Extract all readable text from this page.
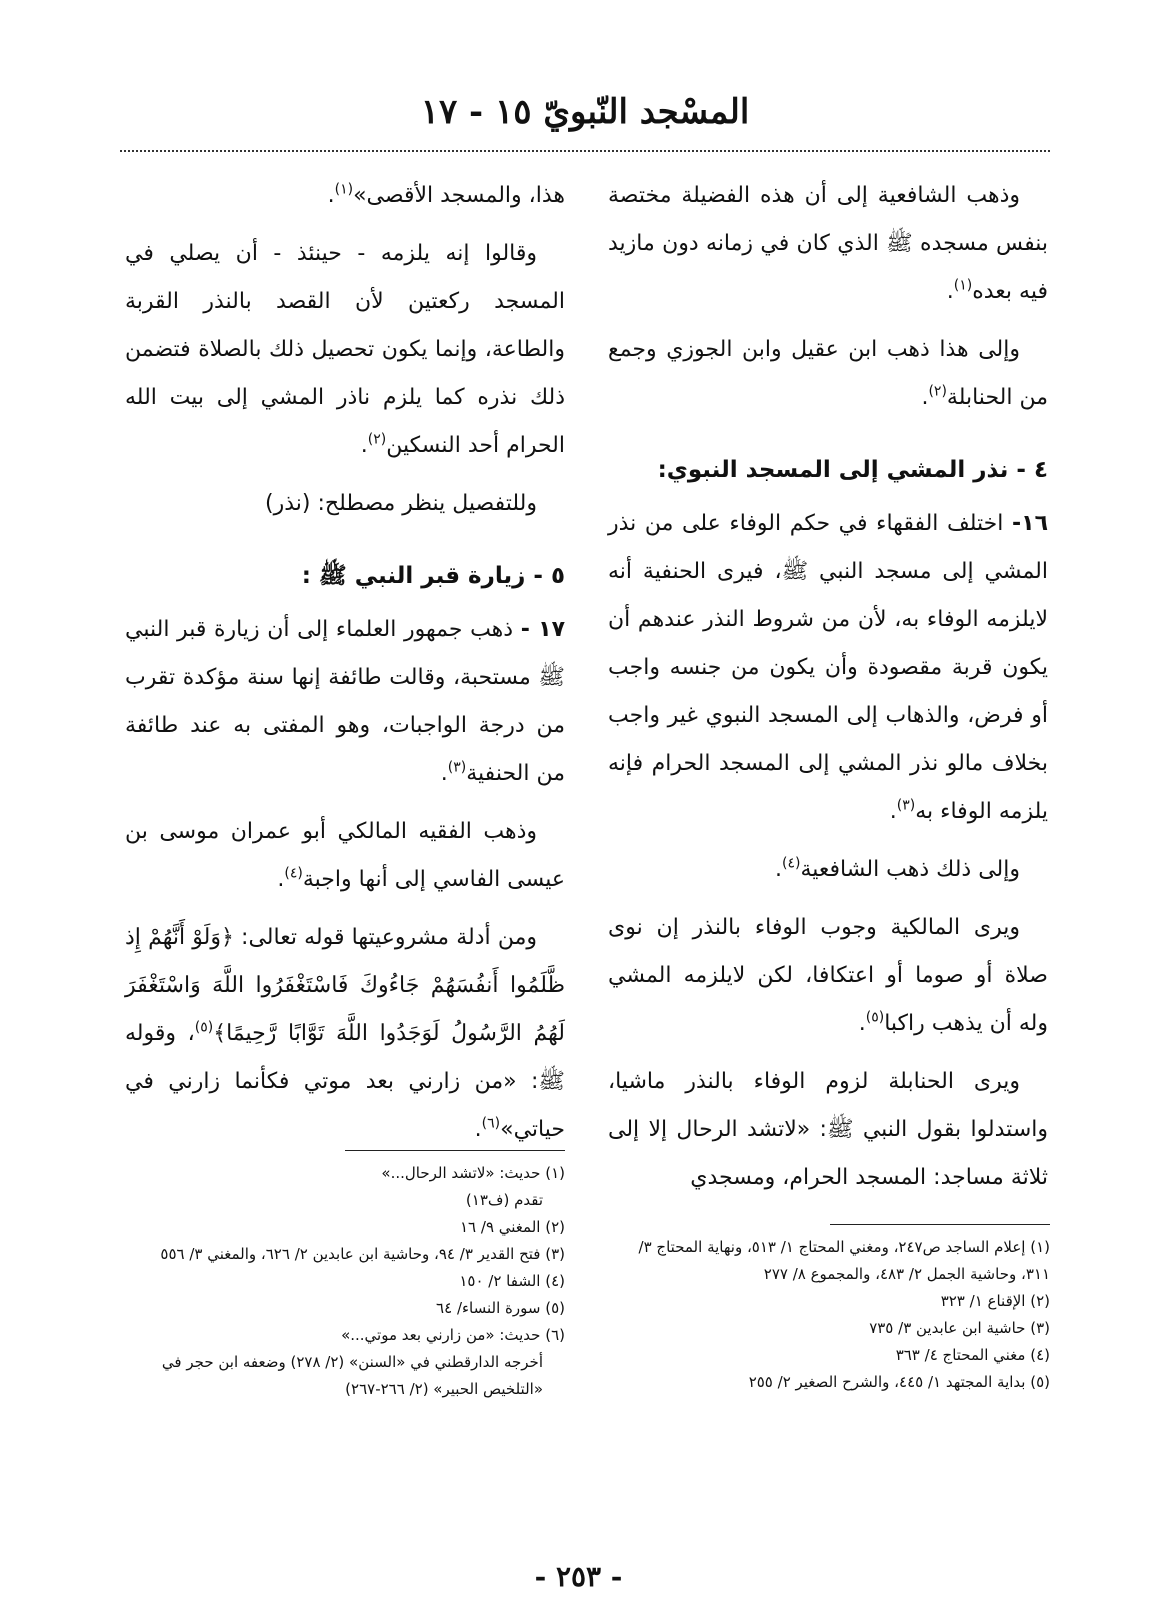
المسْجد النّبويّ ١٥ - ١٧

وذهب الشافعية إلى أن هذه الفضيلة مختصة بنفس مسجده ﷺ الذي كان في زمانه دون مازيد فيه بعده$^{(١)}$.

وإلى هذا ذهب ابن عقيل وابن الجوزي وجمع من الحنابلة$^{(٢)}$.

٤ - نذر المشي إلى المسجد النبوي:

١٦- اختلف الفقهاء في حكم الوفاء على من نذر المشي إلى مسجد النبي ﷺ، فيرى الحنفية أنه لايلزمه الوفاء به، لأن من شروط النذر عندهم أن يكون قربة مقصودة وأن يكون من جنسه واجب أو فرض، والذهاب إلى المسجد النبوي غير واجب بخلاف مالو نذر المشي إلى المسجد الحرام فإنه يلزمه الوفاء به$^{(٣)}$.

وإلى ذلك ذهب الشافعية$^{(٤)}$.

ويرى المالكية وجوب الوفاء بالنذر إن نوى صلاة أو صوما أو اعتكافا، لكن لايلزمه المشي وله أن يذهب راكبا$^{(٥)}$.

ويرى الحنابلة لزوم الوفاء بالنذر ماشيا، واستدلوا بقول النبي ﷺ: «لاتشد الرحال إلا إلى ثلاثة مساجد: المسجد الحرام، ومسجدي

هذا، والمسجد الأقصى»$^{(١)}$.

وقالوا إنه يلزمه - حينئذ - أن يصلي في المسجد ركعتين لأن القصد بالنذر القربة والطاعة، وإنما يكون تحصيل ذلك بالصلاة فتضمن ذلك نذره كما يلزم ناذر المشي إلى بيت الله الحرام أحد النسكين$^{(٢)}$.

وللتفصيل ينظر مصطلح: (نذر)

٥ - زيارة قبر النبي ﷺ :

١٧ - ذهب جمهور العلماء إلى أن زيارة قبر النبي ﷺ مستحبة، وقالت طائفة إنها سنة مؤكدة تقرب من درجة الواجبات، وهو المفتى به عند طائفة من الحنفية$^{(٣)}$.

وذهب الفقيه المالكي أبو عمران موسى بن عيسى الفاسي إلى أنها واجبة$^{(٤)}$.

ومن أدلة مشروعيتها قوله تعالى: ﴿وَلَوْ أَنَّهُمْ إِذ ظَّلَمُوا أَنفُسَهُمْ جَاءُوكَ فَاسْتَغْفَرُوا اللَّهَ وَاسْتَغْفَرَ لَهُمُ الرَّسُولُ لَوَجَدُوا اللَّهَ تَوَّابًا رَّحِيمًا﴾$^{(٥)}$، وقوله ﷺ: «من زارني بعد موتي فكأنما زارني في حياتي»$^{(٦)}$.

(١) إعلام الساجد ص٢٤٧، ومغني المحتاج ١/ ٥١٣، ونهاية المحتاج ٣/ ٣١١، وحاشية الجمل ٢/ ٤٨٣، والمجموع ٨/ ٢٧٧
(٢) الإقناع ١/ ٣٢٣
(٣) حاشية ابن عابدين ٣/ ٧٣٥
(٤) مغني المحتاج ٤/ ٣٦٣
(٥) بداية المجتهد ١/ ٤٤٥، والشرح الصغير ٢/ ٢٥٥
(١) حديث: «لاتشد الرحال...»
تقدم (ف١٣)
(٢) المغني ٩/ ١٦
(٣) فتح القدير ٣/ ٩٤، وحاشية ابن عابدين ٢/ ٦٢٦، والمغني ٣/ ٥٥٦
(٤) الشفا ٢/ ١٥٠
(٥) سورة النساء/ ٦٤
(٦) حديث: «من زارني بعد موتي...»
أخرجه الدارقطني في «السنن» (٢/ ٢٧٨) وضعفه ابن حجر في «التلخيص الحبير» (٢/ ٢٦٦-٢٦٧)
- ٢٥٣ -
